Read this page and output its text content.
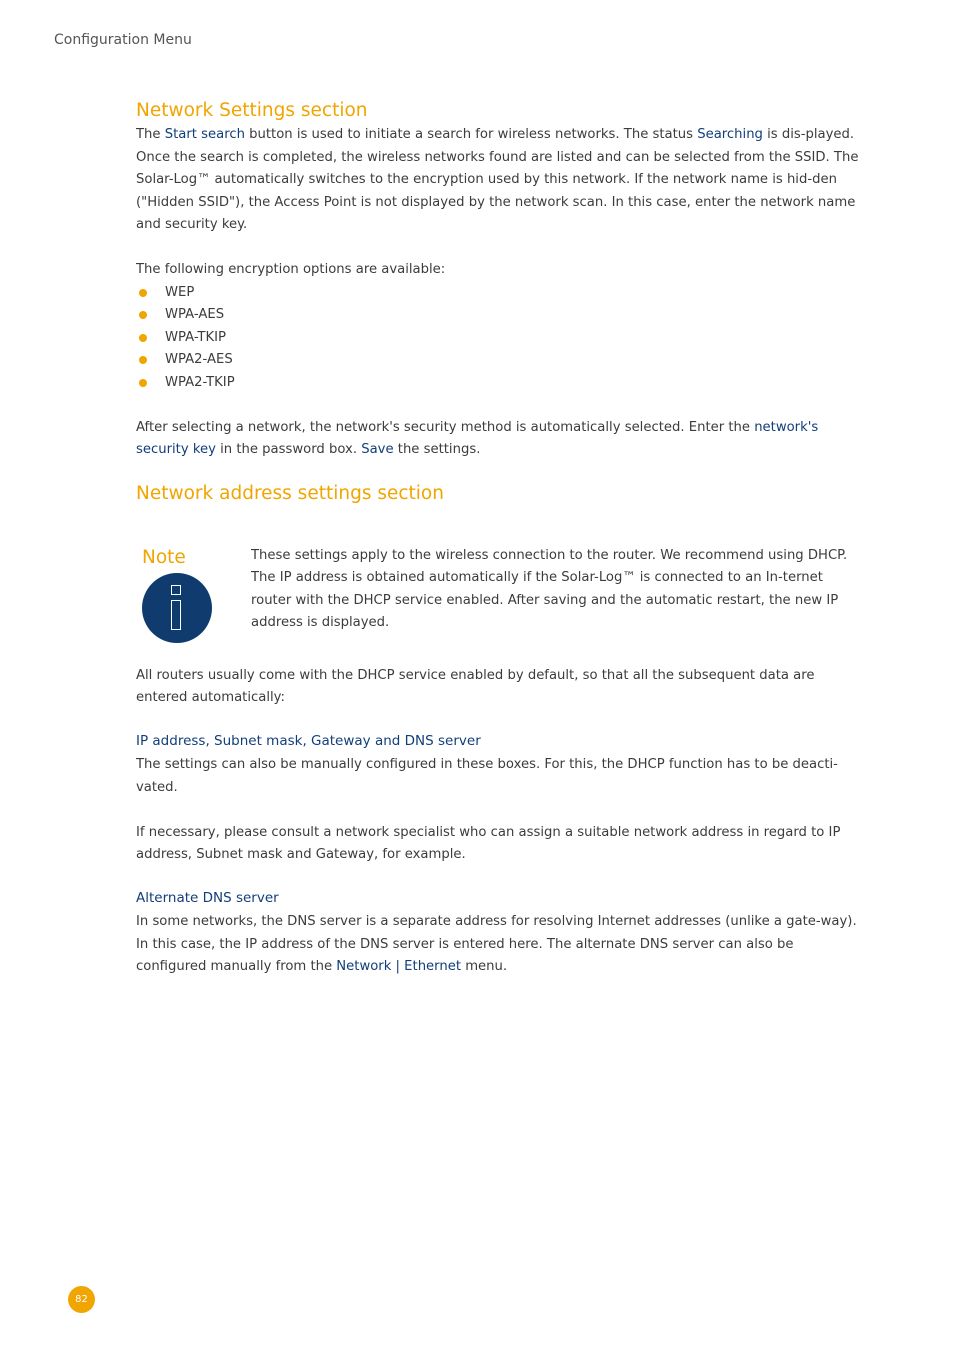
Configuration Menu
Network Settings section

The Start search button is used to initiate a search for wireless networks. The status Searching is dis-played.

Once the search is completed, the wireless networks found are listed and can be selected from the SSID. The Solar-Log™ automatically switches to the encryption used by this network. If the network name is hid-den ("Hidden SSID"), the Access Point is not displayed by the network scan. In this case, enter the network name and security key.

The following encryption options are available:

WEP
WPA-AES
WPA-TKIP
WPA2-AES
WPA2-TKIP

After selecting a network, the network's security method is automatically selected. Enter the network's security key in the password box. Save the settings.

Network address settings section
Note	These settings apply to the wireless connection to the router. We recommend using DHCP. The IP address is obtained automatically if the Solar-Log™ is connected to an In-ternet router with the DHCP service enabled. After saving and the automatic restart, the new IP address is displayed.

All routers usually come with the DHCP service enabled by default, so that all the subsequent data are entered automatically:

IP address, Subnet mask, Gateway and DNS server

The settings can also be manually configured in these boxes. For this, the DHCP function has to be deacti-vated.

If necessary, please consult a network specialist who can assign a suitable network address in regard to IP address, Subnet mask and Gateway, for example.

Alternate DNS server

In some networks, the DNS server is a separate address for resolving Internet addresses (unlike a gate-way). In this case, the IP address of the DNS server is entered here. The alternate DNS server can also be configured manually from the Network | Ethernet menu.

82
